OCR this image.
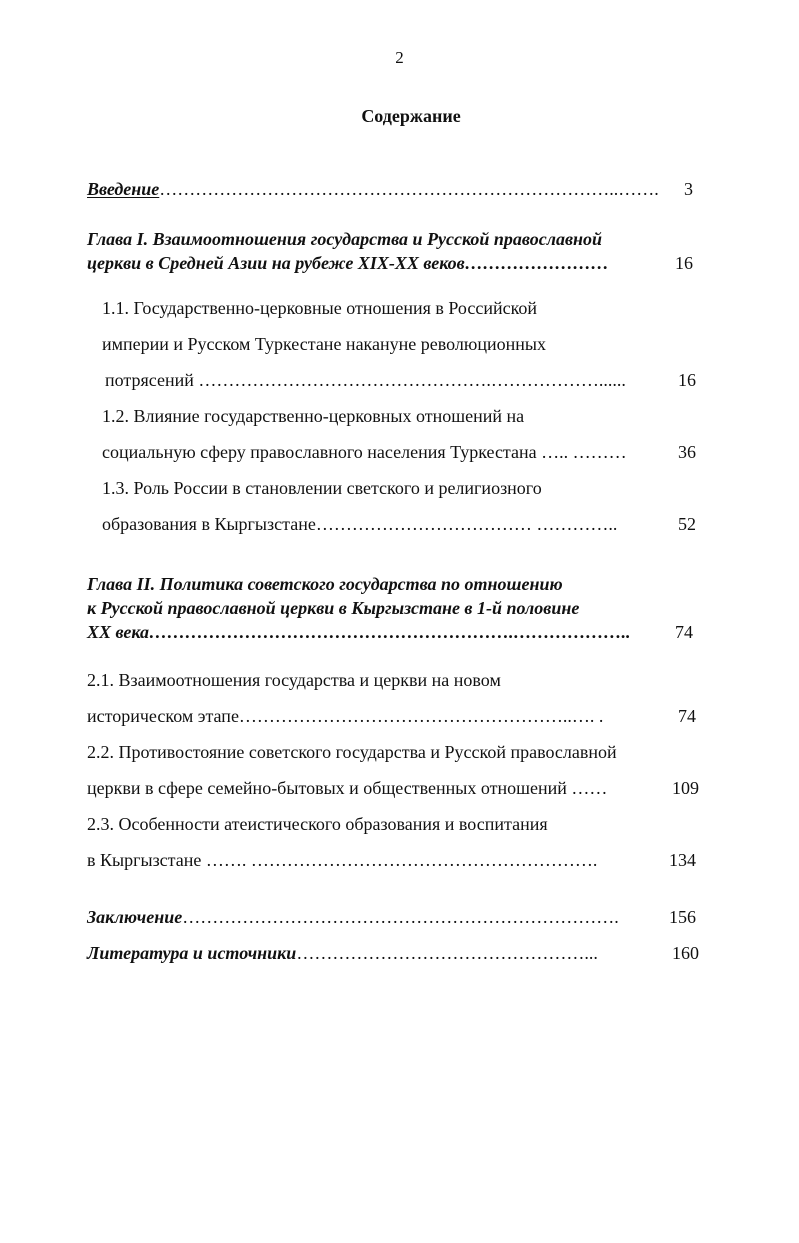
2
Содержание
Введение…………………………………………………………………..…….	3
Глава I. Взаимоотношения государства и Русской православной
церкви в Средней Азии на рубеже XIX-XX веков……………………	16
1.1. Государственно-церковные отношения в Российской
империи и Русском Туркестане накануне революционных
потрясений ………………………………………….………………......	16
1.2. Влияние государственно-церковных отношений на
социальную сферу православного населения Туркестана ….. ………	36
1.3. Роль России в становлении светского и религиозного
образования в Кыргызстане……………………………… …………..	52
Глава II. Политика советского государства по отношению
к Русской православной церкви в Кыргызстане в 1-й половине
XX века…………………………………………………….………………..	74
2.1. Взаимоотношения государства и церкви на новом
историческом этапе………………………………………………..…. .	74
2.2. Противостояние советского государства и Русской православной
церкви в сфере семейно-бытовых и общественных отношений ……	109
2.3. Особенности атеистического образования и воспитания
в Кыргызстане ……. ………………………………………………….	134
Заключение……………………………………………………………….	156
Литература и источники…………………………………………...	160
